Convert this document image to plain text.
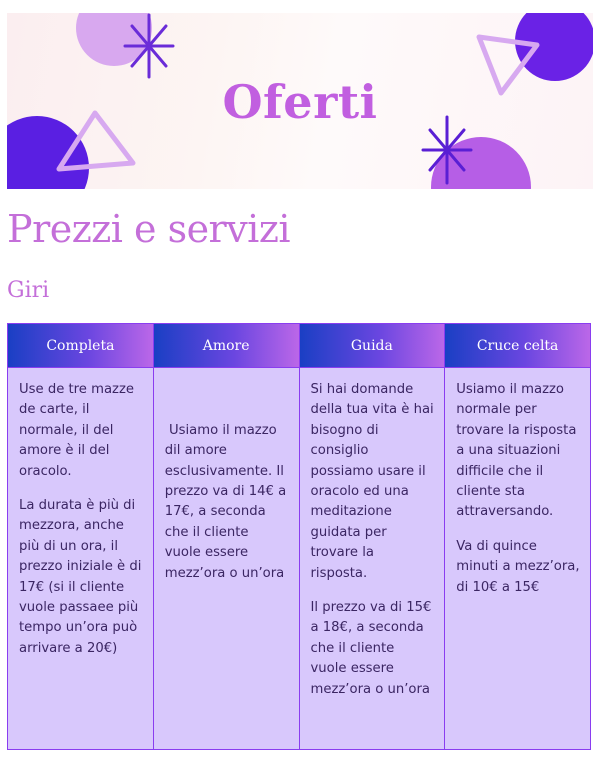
Oferti
Prezzi e servizi
Giri
Completa

Use de tre mazze de carte, il normale, il del amore è il del oracolo.

La durata è più di mezzora, anche più di un ora, il prezzo iniziale è di 17€ (si il cliente vuole passaee più tempo un’ora può arrivare a 20€)

Amore

Usiamo il mazzo dil amore esclusivamente. Il prezzo va di 14€ a 17€, a seconda che il cliente vuole essere mezz’ora o un’ora

Guida

Si hai domande della tua vita è hai bisogno di consiglio possiamo usare il oracolo ed una meditazione guidata per trovare la risposta.

Il prezzo va di 15€ a 18€, a seconda che il cliente vuole essere mezz’ora o un’ora

Cruce celta

Usiamo il mazzo normale per trovare la risposta a una situazioni difficile che il cliente sta attraversando.

Va di quince minuti a mezz’ora, di 10€ a 15€
